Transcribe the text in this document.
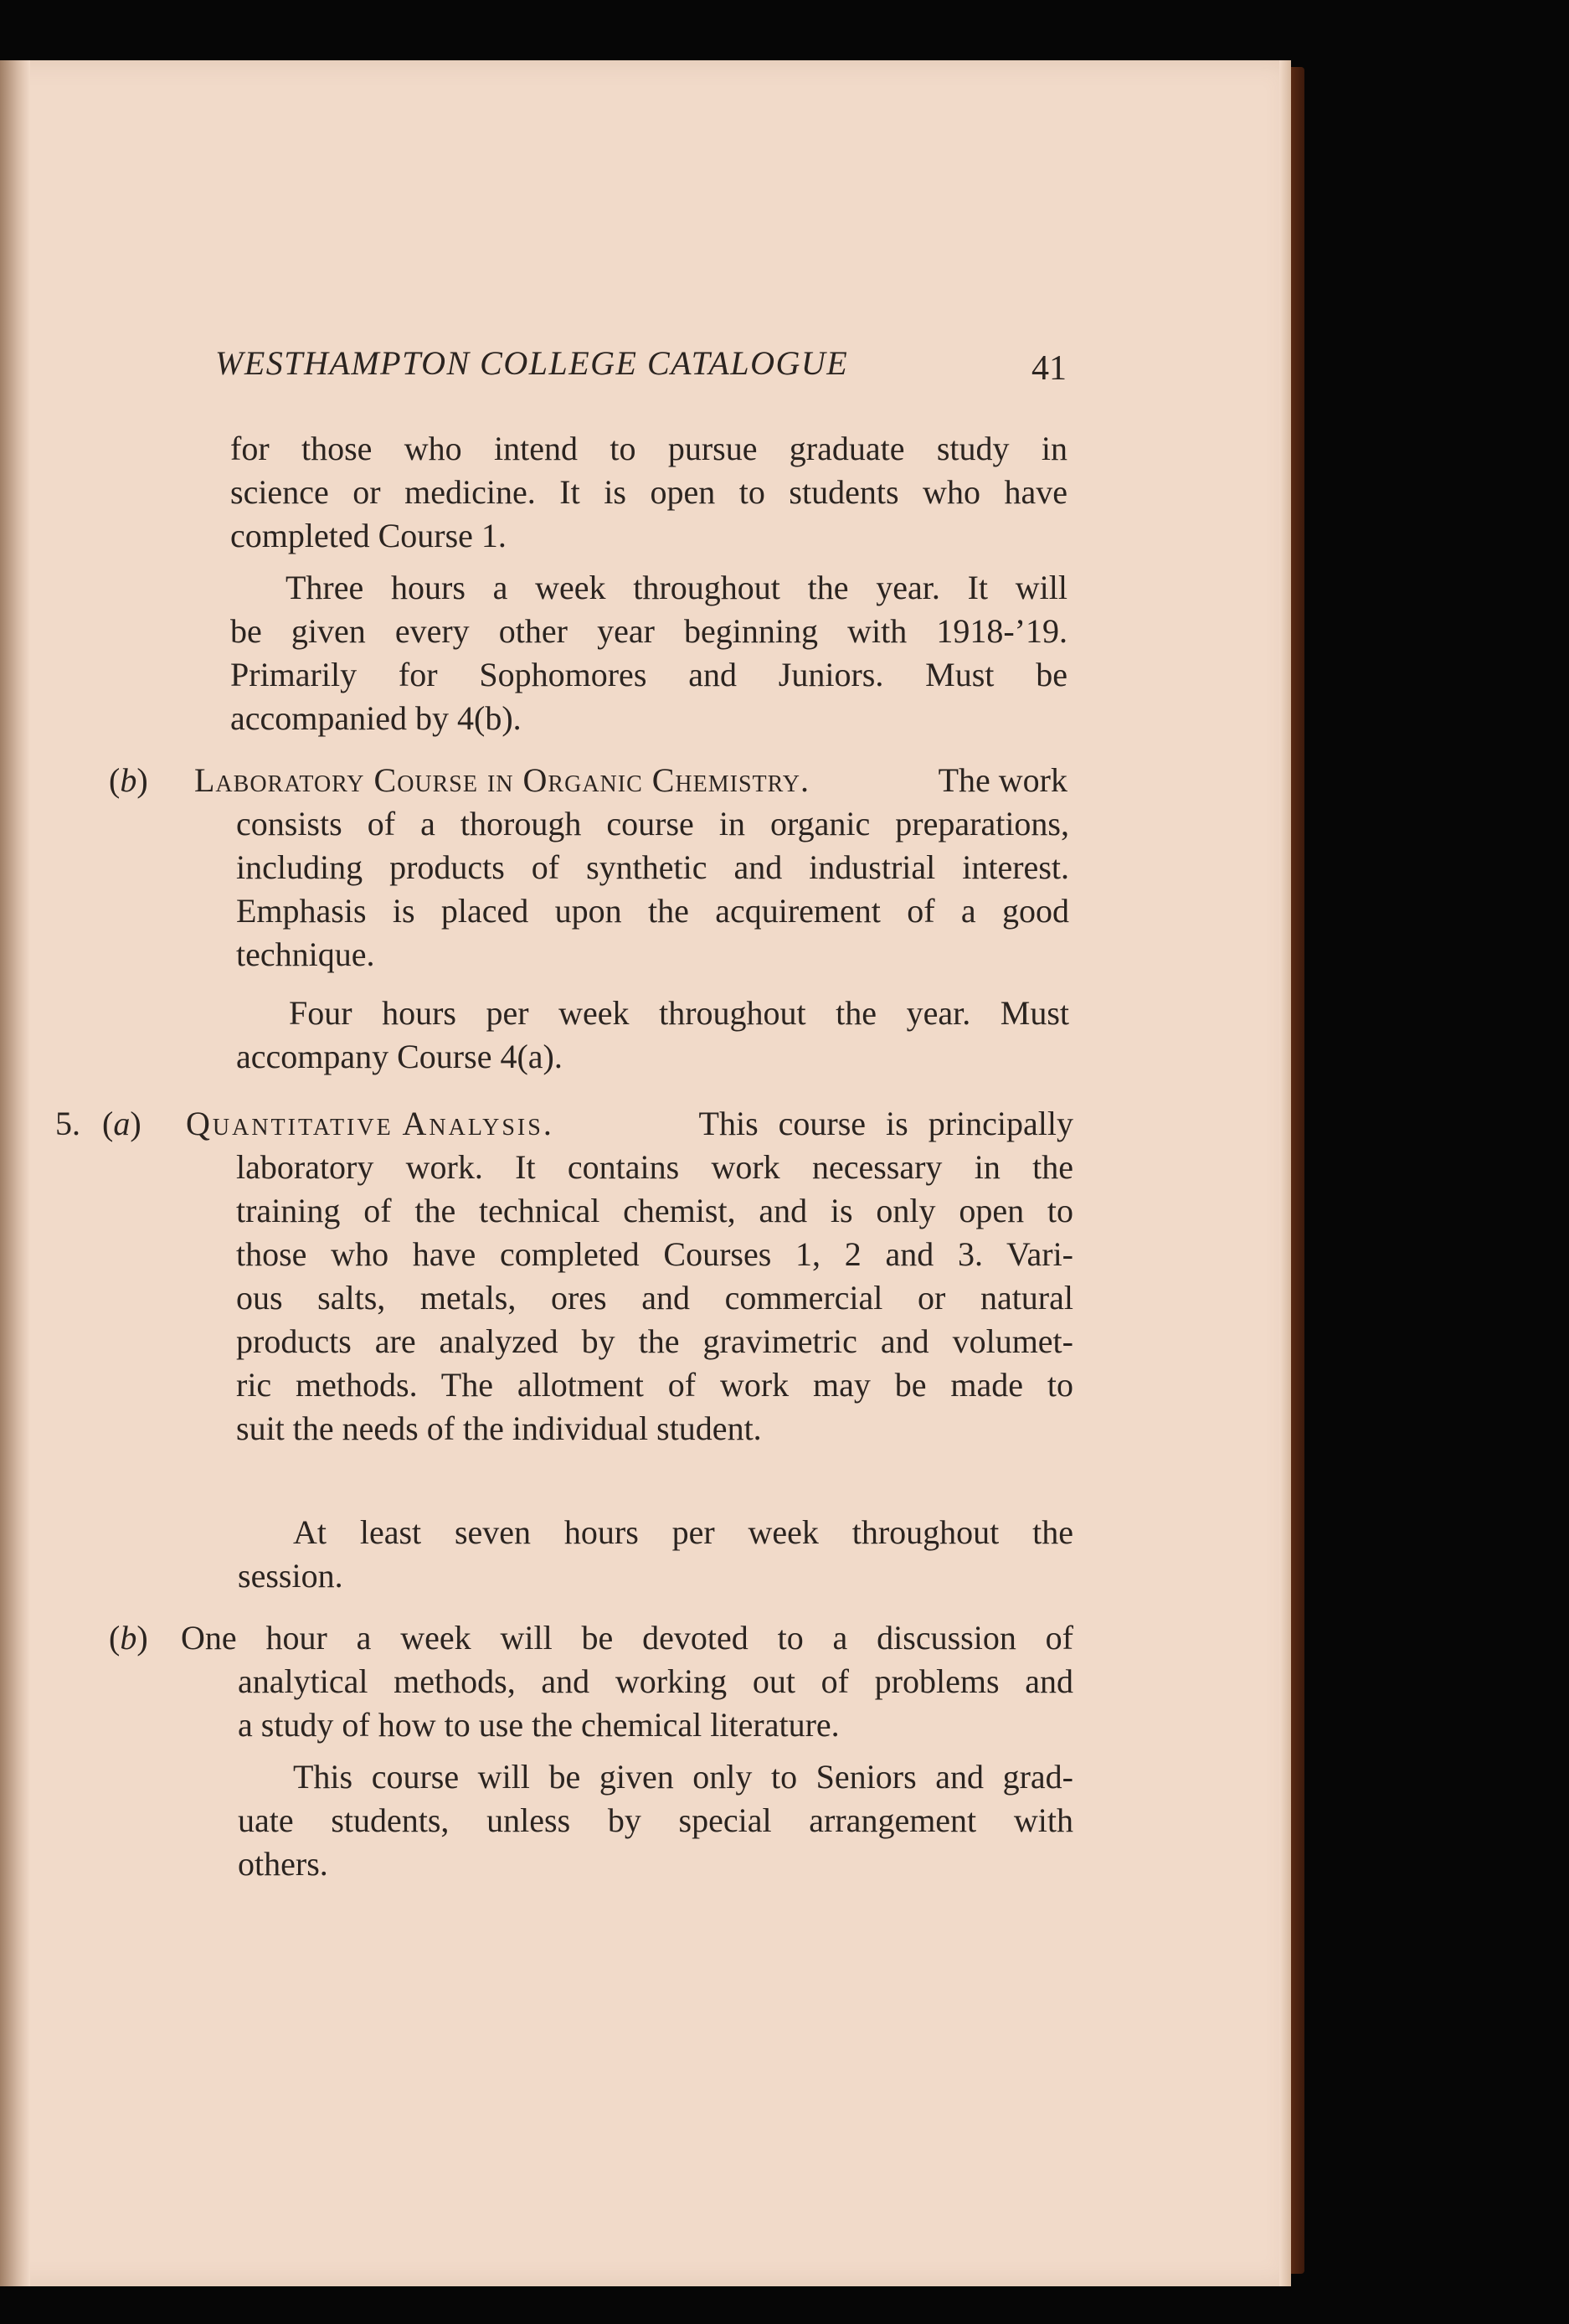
WESTHAMPTON COLLEGE CATALOGUE	41
for those who intend to pursue graduate study in
science or medicine. It is open to students who have
completed Course 1.
Three hours a week throughout the year. It will
be given every other year beginning with 1918-’19.
Primarily for Sophomores and Juniors. Must be
accompanied by 4(b).
(b) Laboratory Course in Organic Chemistry.	The work
consists of a thorough course in organic preparations,
including products of synthetic and industrial interest.
Emphasis is placed upon the acquirement of a good
technique.
Four hours per week throughout the year. Must
accompany Course 4(a).
5. (a) Quantitative Analysis.	This course is principally
laboratory work. It contains work necessary in the
training of the technical chemist, and is only open to
those who have completed Courses 1, 2 and 3. Vari-
ous salts, metals, ores and commercial or natural
products are analyzed by the gravimetric and volumet-
ric methods. The allotment of work may be made to
suit the needs of the individual student.
At least seven hours per week throughout the
session.
(b) One hour a week will be devoted to a discussion of
analytical methods, and working out of problems and
a study of how to use the chemical literature.
This course will be given only to Seniors and grad-
uate students, unless by special arrangement with
others.
